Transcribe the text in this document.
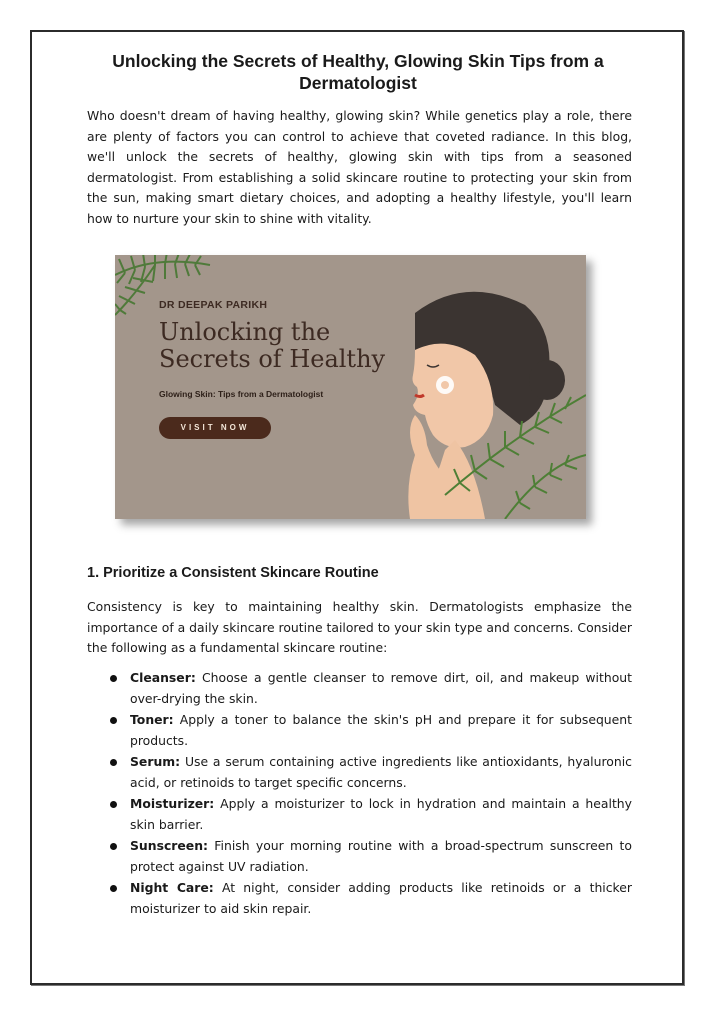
Unlocking the Secrets of Healthy, Glowing Skin Tips from a Dermatologist

Who doesn't dream of having healthy, glowing skin? While genetics play a role, there are plenty of factors you can control to achieve that coveted radiance. In this blog, we'll unlock the secrets of healthy, glowing skin with tips from a seasoned dermatologist. From establishing a solid skincare routine to protecting your skin from the sun, making smart dietary choices, and adopting a healthy lifestyle, you'll learn how to nurture your skin to shine with vitality.

DR DEEPAK PARIKH
Unlocking the Secrets of Healthy
Glowing Skin: Tips from a Dermatologist
VISIT NOW
1. Prioritize a Consistent Skincare Routine

Consistency is key to maintaining healthy skin. Dermatologists emphasize the importance of a daily skincare routine tailored to your skin type and concerns. Consider the following as a fundamental skincare routine:

Cleanser: Choose a gentle cleanser to remove dirt, oil, and makeup without over-drying the skin.
Toner: Apply a toner to balance the skin's pH and prepare it for subsequent products.
Serum: Use a serum containing active ingredients like antioxidants, hyaluronic acid, or retinoids to target specific concerns.
Moisturizer: Apply a moisturizer to lock in hydration and maintain a healthy skin barrier.
Sunscreen: Finish your morning routine with a broad-spectrum sunscreen to protect against UV radiation.
Night Care: At night, consider adding products like retinoids or a thicker moisturizer to aid skin repair.
